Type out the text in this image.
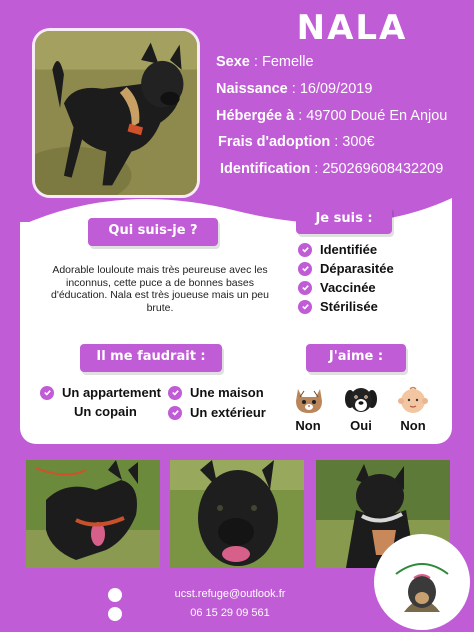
NALA
Sexe : Femelle
Naissance : 16/09/2019
Hébergée à : 49700 Doué En Anjou
Frais d'adoption : 300€
Identification : 250269608432209
Qui suis-je ?
Adorable louloute mais très peureuse avec les inconnus, cette puce a de bonnes bases d'éducation. Nala est très joueuse mais un peu brute.
Je suis :
Identifiée
Déparasitée
Vaccinée
Stérilisée
Il me faudrait :
Un appartement Une maison
Un copain	Un extérieur
J'aime :
Non	Oui	Non
ucst.refuge@outlook.fr
06 15 29 09 561
